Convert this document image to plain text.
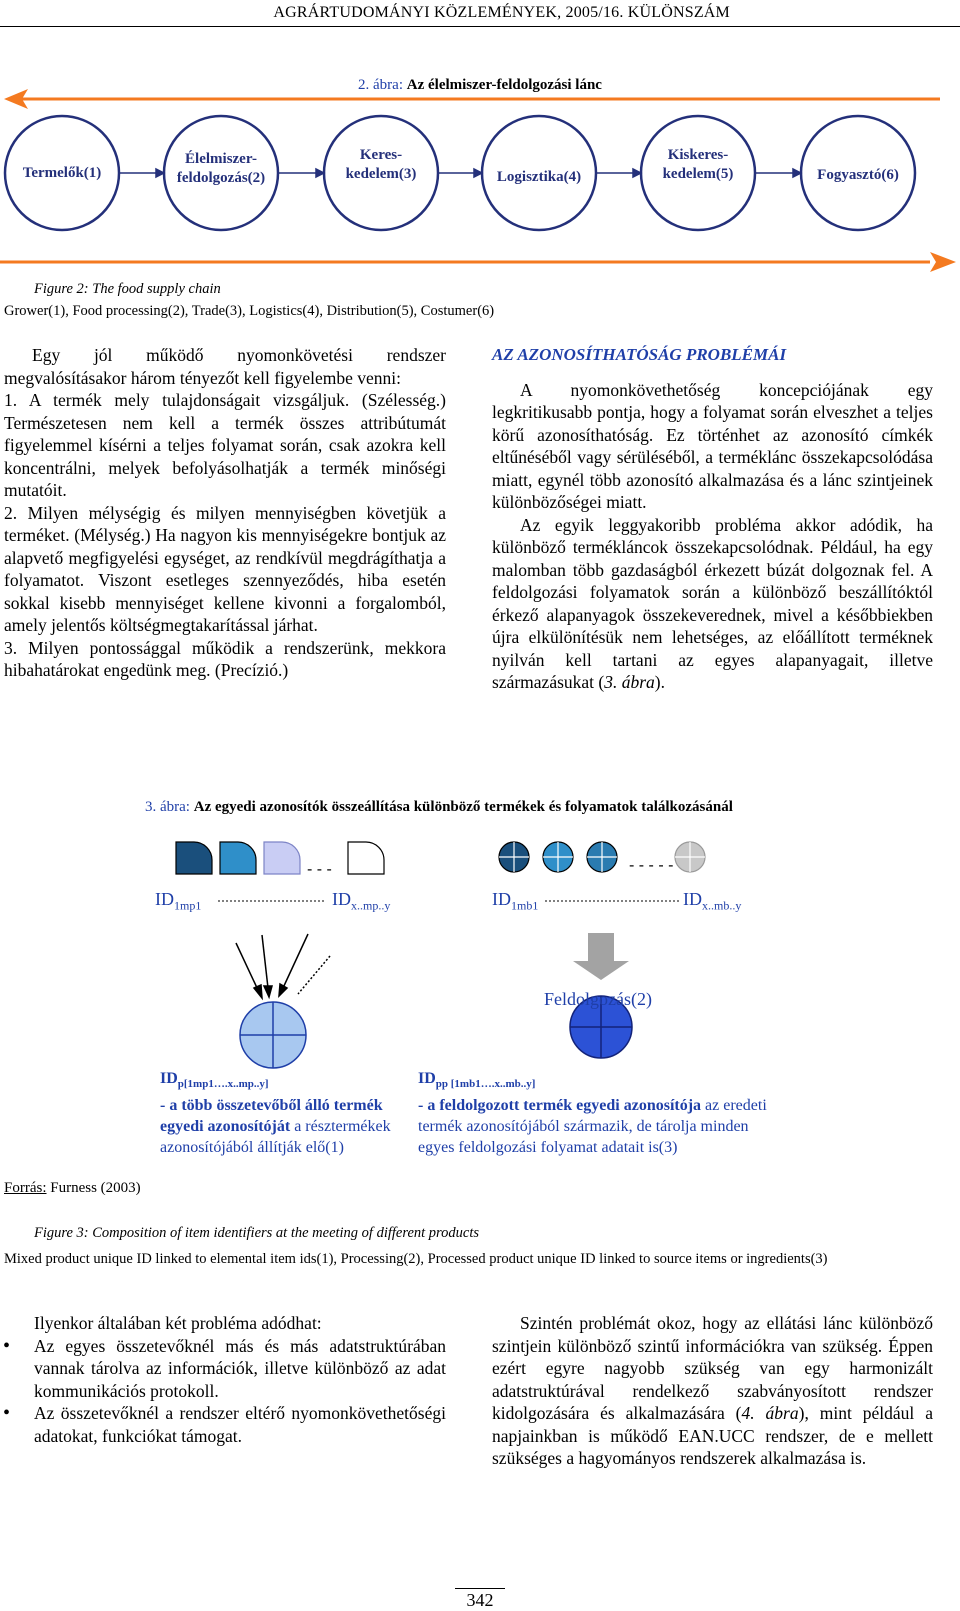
AGRÁRTUDOMÁNYI KÖZLEMÉNYEK, 2005/16. KÜLÖNSZÁM
2. ábra: Az élelmiszer-feldolgozási lánc
Termelők(1)
Élelmiszer-
feldolgozás(2)
Keres-
kedelem(3)	Logisztika(4)
Kiskeres-
kedelem(5)	Fogyasztó(6)
Figure 2: The food supply chain
Grower(1), Food processing(2), Trade(3), Logistics(4), Distribution(5), Costumer(6)

Egy jól működő nyomonkövetési rendszer megvalósításakor három tényezőt kell figyelembe venni:

1. A termék mely tulajdonságait vizsgáljuk. (Szélesség.) Természetesen nem kell a termék összes attribútumát figyelemmel kísérni a teljes folyamat során, csak azokra kell koncentrálni, melyek befolyásolhatják a termék minőségi mutatóit.

2. Milyen mélységig és milyen mennyiségben követjük a terméket. (Mélység.) Ha nagyon kis mennyiségekre bontjuk az alapvető megfigyelési egységet, az rendkívül megdrágíthatja a folyamatot. Viszont esetleges szennyeződés, hiba esetén sokkal kisebb mennyiséget kellene kivonni a forgalomból, amely jelentős költségmegtakarítással járhat.

3. Milyen pontossággal működik a rendszerünk, mekkora hibahatárokat engedünk meg. (Precízió.)

AZ AZONOSÍTHATÓSÁG PROBLÉMÁI

A nyomonkövethetőség koncepciójának egy legkritikusabb pontja, hogy a folyamat során elveszhet a teljes körű azonosíthatóság. Ez történhet az azonosító címkék eltűnéséből vagy sérüléséből, a terméklánc összekapcsolódása miatt, egynél több azonosító alkalmazása és a lánc szintjeinek különbözőségei miatt.

Az egyik leggyakoribb probléma akkor adódik, ha különböző termékláncok összekapcsolódnak. Például, ha egy malomban több gazdaságból érkezett búzát dolgoznak fel. A feldolgozási folyamatok során a különböző beszállítóktól érkező alapanyagok összekeverednek, mivel a későbbiekben újra elkülönítésük nem lehetséges, az előállított terméknek nyilván kell tartani az egyes alapanyagait, illetve származásukat (3. ábra).

3. ábra: Az egyedi azonosítók összeállítása különböző termékek és folyamatok találkozásánál
- - -	- - - - -
$ID_{1mp1}$	$ID_{x..mp..y}$	$ID_{1mb1}$	$ID_{x..mb..y}$
Feldolgozás(2)
$ID_{p[1mp1\dots.x..mp..y]}$
- a több összetevőből álló termék egyedi azonosítóját a résztermékek azonosítójából állítják elő(1)
$ID_{pp [1mb1\dots.x..mb..y]}$
- a feldolgozott termék egyedi azonosítója az eredeti termék azonosítójából származik, de tárolja minden egyes feldolgozási folyamat adatait is(3)
Forrás: Furness (2003)
Figure 3: Composition of item identifiers at the meeting of different products
Mixed product unique ID linked to elemental item ids(1), Processing(2), Processed product unique ID linked to source items or ingredients(3)

Ilyenkor általában két probléma adódhat:

• Az egyes összetevőknél más és más adatstruktúrában vannak tárolva az információk, illetve különböző az adat kommunikációs protokoll.
• Az összetevőknél a rendszer eltérő nyomonkövethetőségi adatokat, funkciókat támogat.

Szintén problémát okoz, hogy az ellátási lánc különböző szintjein különböző szintű információkra van szükség. Éppen ezért egyre nagyobb szükség van egy harmonizált adatstruktúrával rendelkező szabványosított rendszer kidolgozására és alkalmazására (4. ábra), mint például a napjainkban is működő EAN.UCC rendszer, de e mellett szükséges a hagyományos rendszerek alkalmazása is.

342
